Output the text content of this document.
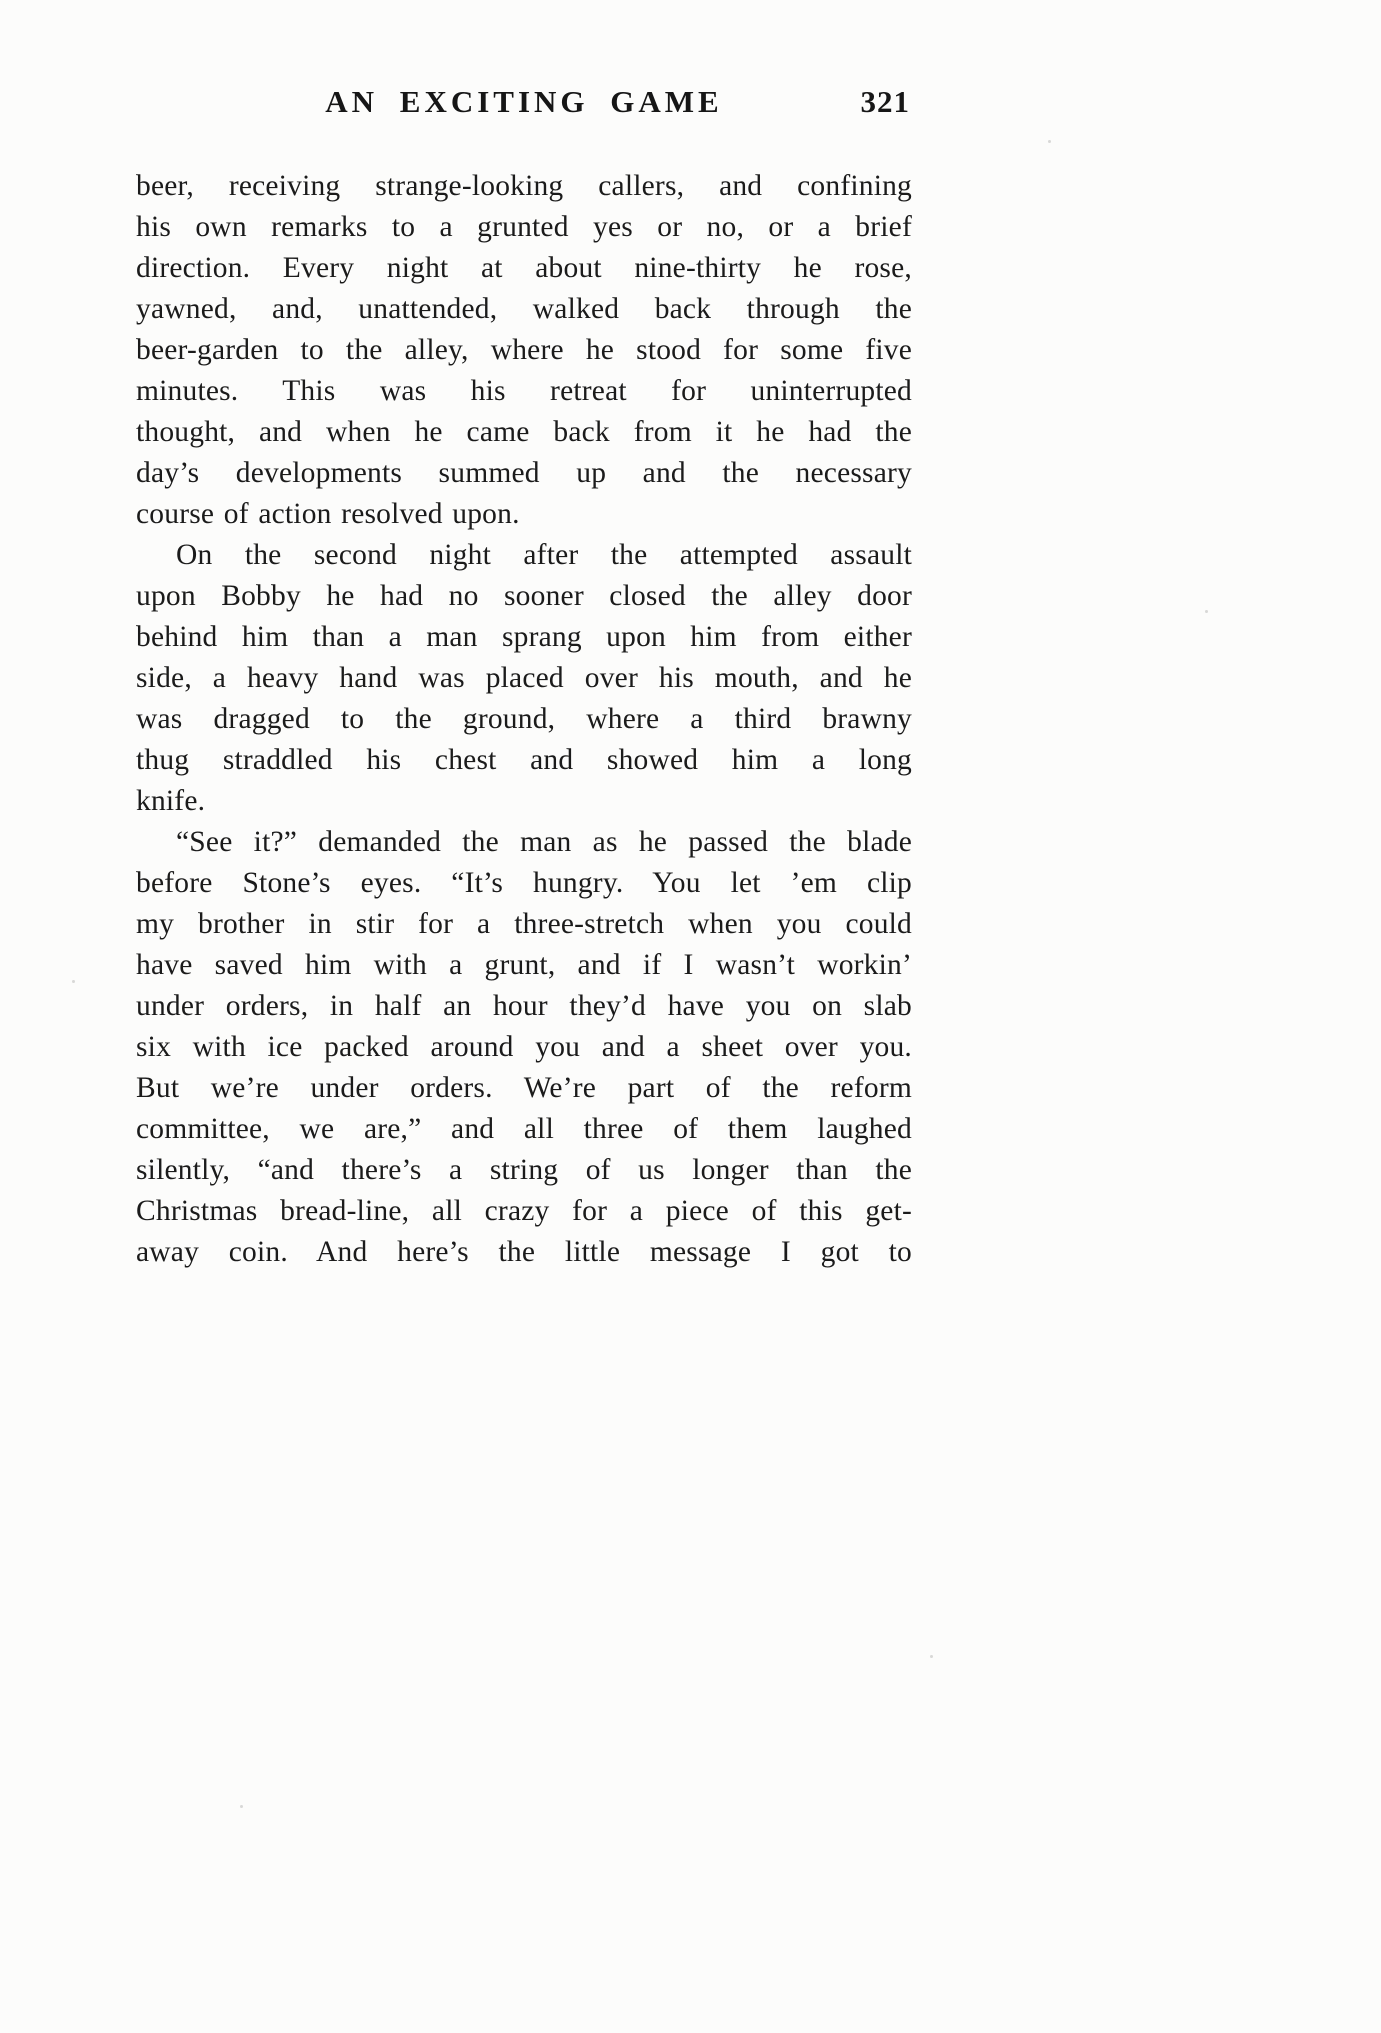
AN EXCITING GAME	321
beer, receiving strange-looking callers, and confining
his own remarks to a grunted yes or no, or a brief
direction. Every night at about nine-thirty he rose,
yawned, and, unattended, walked back through the
beer-garden to the alley, where he stood for some five
minutes. This was his retreat for uninterrupted
thought, and when he came back from it he had the
day’s developments summed up and the necessary
course of action resolved upon.
On the second night after the attempted assault
upon Bobby he had no sooner closed the alley door
behind him than a man sprang upon him from either
side, a heavy hand was placed over his mouth, and he
was dragged to the ground, where a third brawny
thug straddled his chest and showed him a long
knife.
“See it?” demanded the man as he passed the blade
before Stone’s eyes. “It’s hungry. You let ’em clip
my brother in stir for a three-stretch when you could
have saved him with a grunt, and if I wasn’t workin’
under orders, in half an hour they’d have you on slab
six with ice packed around you and a sheet over you.
But we’re under orders. We’re part of the reform
committee, we are,” and all three of them laughed
silently, “and there’s a string of us longer than the
Christmas bread-line, all crazy for a piece of this get-
away coin. And here’s the little message I got to
